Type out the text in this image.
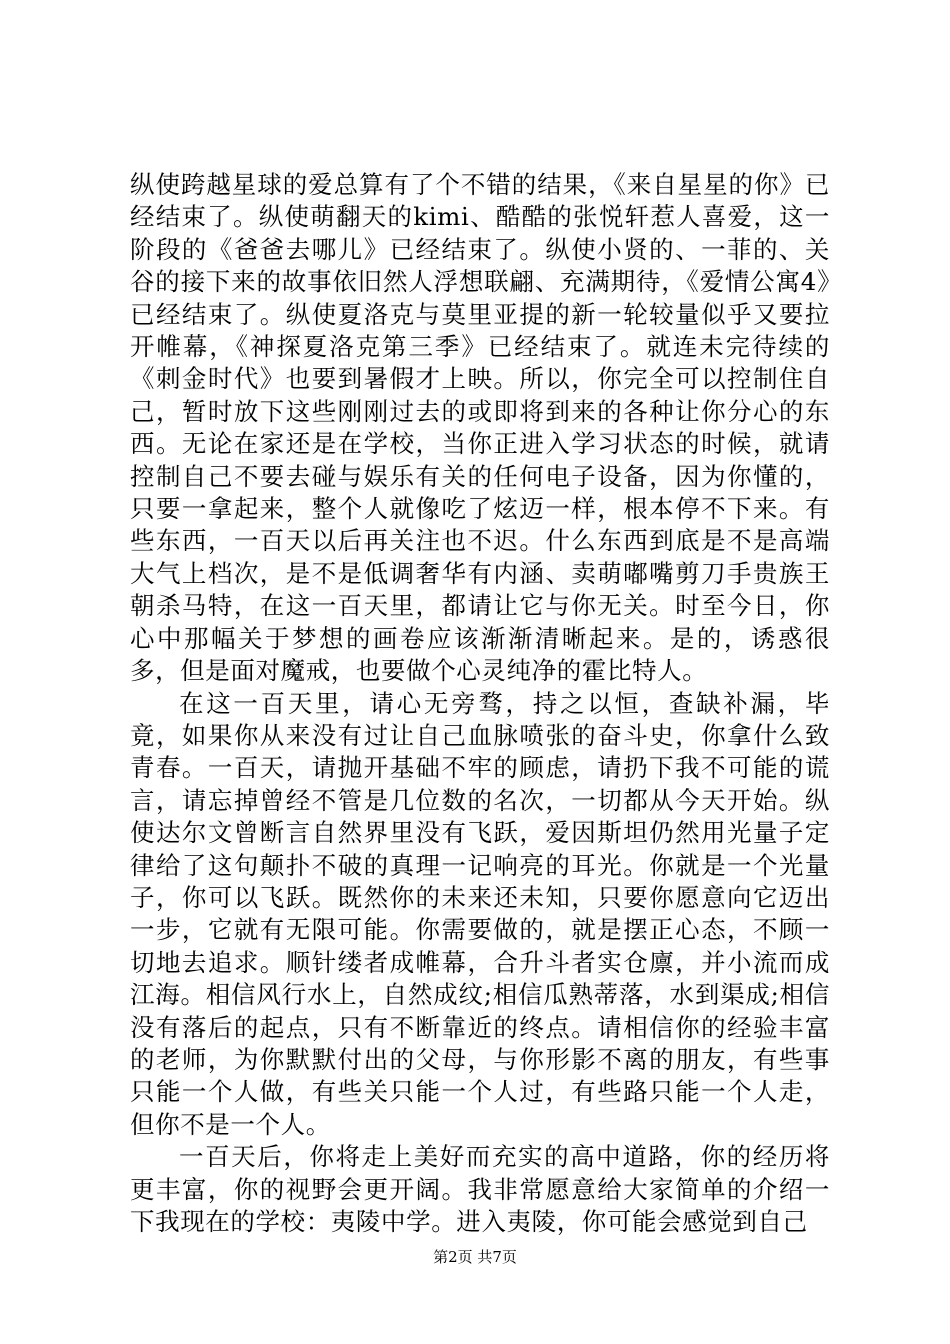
纵使跨越星球的爱总算有了个不错的结果，《来自星星的你》已经结束了。纵使萌翻天的kimi、酷酷的张悦轩惹人喜爱，这一阶段的《爸爸去哪儿》已经结束了。纵使小贤的、一菲的、关谷的接下来的故事依旧然人浮想联翩、充满期待，《爱情公寓4》已经结束了。纵使夏洛克与莫里亚提的新一轮较量似乎又要拉开帷幕，《神探夏洛克第三季》已经结束了。就连未完待续的《刺金时代》也要到暑假才上映。所以，你完全可以控制住自己，暂时放下这些刚刚过去的或即将到来的各种让你分心的东西。无论在家还是在学校，当你正进入学习状态的时候，就请控制自己不要去碰与娱乐有关的任何电子设备，因为你懂的，只要一拿起来，整个人就像吃了炫迈一样，根本停不下来。有些东西，一百天以后再关注也不迟。什么东西到底是不是高端大气上档次，是不是低调奢华有内涵、卖萌嘟嘴剪刀手贵族王朝杀马特，在这一百天里，都请让它与你无关。时至今日，你心中那幅关于梦想的画卷应该渐渐清晰起来。是的，诱惑很多，但是面对魔戒，也要做个心灵纯净的霍比特人。

在这一百天里，请心无旁骛，持之以恒，查缺补漏，毕竟，如果你从来没有过让自己血脉喷张的奋斗史，你拿什么致青春。一百天，请抛开基础不牢的顾虑，请扔下我不可能的谎言，请忘掉曾经不管是几位数的名次，一切都从今天开始。纵使达尔文曾断言自然界里没有飞跃，爱因斯坦仍然用光量子定律给了这句颠扑不破的真理一记响亮的耳光。你就是一个光量子，你可以飞跃。既然你的未来还未知，只要你愿意向它迈出一步，它就有无限可能。你需要做的，就是摆正心态，不顾一切地去追求。顺针缕者成帷幕，合升斗者实仓廪，并小流而成江海。相信风行水上，自然成纹;相信瓜熟蒂落，水到渠成;相信没有落后的起点，只有不断靠近的终点。请相信你的经验丰富的老师，为你默默付出的父母，与你形影不离的朋友，有些事只能一个人做，有些关只能一个人过，有些路只能一个人走，但你不是一个人。

一百天后，你将走上美好而充实的高中道路，你的经历将更丰富，你的视野会更开阔。我非常愿意给大家简单的介绍一下我现在的学校：夷陵中学。进入夷陵，你可能会感觉到自己

第2页 共7页
